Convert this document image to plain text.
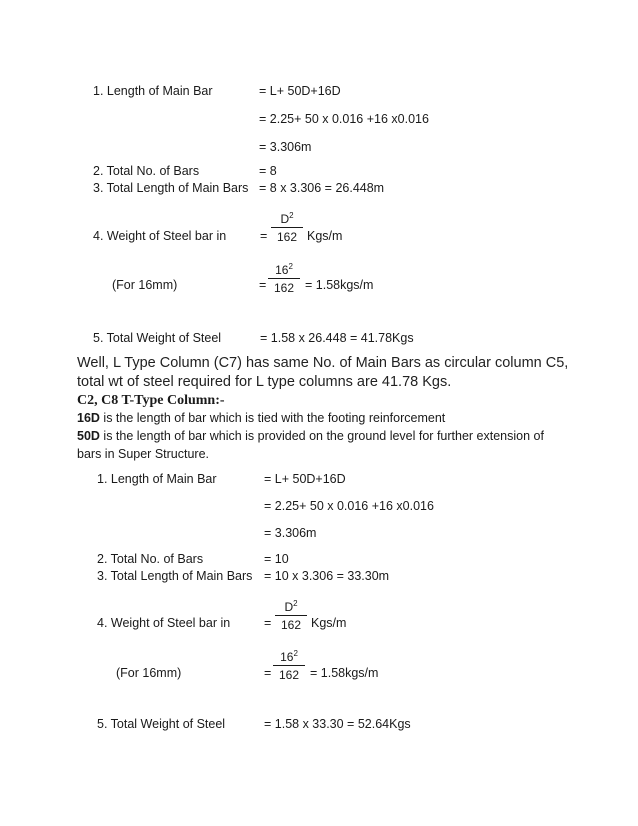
1. Length of Main Bar	= L+ 50D+16D
= 2.25+ 50 x 0.016 +16 x0.016
= 3.306m
2. Total No. of Bars	= 8
3. Total Length of Main Bars = 8 x 3.306 = 26.448m
4. Weight of Steel bar in	=
$D^2$
162 Kgs/m
(For 16mm)	=
$16^2$
162 = 1.58kgs/m
5. Total Weight of Steel	= 1.58 x 26.448 = 41.78Kgs
Well, L Type Column (C7) has same No. of Main Bars as circular column C5,
total wt of steel required for L type columns are 41.78 Kgs.
C2, C8 T-Type Column:-
16D is the length of bar which is tied with the footing reinforcement
50D is the length of bar which is provided on the ground level for further extension of
bars in Super Structure.
1. Length of Main Bar	= L+ 50D+16D
= 2.25+ 50 x 0.016 +16 x0.016
= 3.306m
2. Total No. of Bars	= 10
3. Total Length of Main Bars = 10 x 3.306 = 33.30m
4. Weight of Steel bar in	=
$D^2$
162 Kgs/m
(For 16mm)	=
$16^2$
162 = 1.58kgs/m
5. Total Weight of Steel	= 1.58 x 33.30 = 52.64Kgs
